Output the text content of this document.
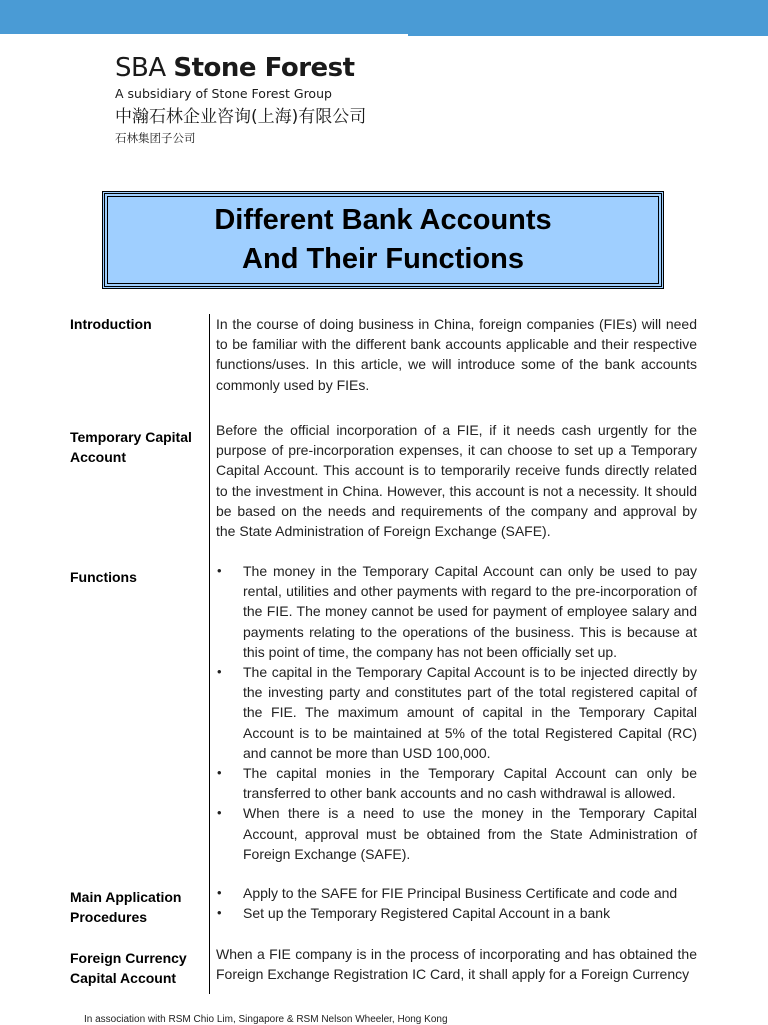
SBA Stone Forest
A subsidiary of Stone Forest Group
中瀚石林企业咨询(上海)有限公司
石林集团子公司
Different Bank Accounts
And Their Functions
Introduction	In the course of doing business in China, foreign companies (FIEs) will need to be familiar with the different bank accounts applicable and their respective functions/uses. In this article, we will introduce some of the bank accounts commonly used by FIEs.
Temporary Capital Account
Before the official incorporation of a FIE, if it needs cash urgently for the purpose of pre-incorporation expenses, it can choose to set up a Temporary Capital Account. This account is to temporarily receive funds directly related to the investment in China. However, this account is not a necessity. It should be based on the needs and requirements of the company and approval by the State Administration of Foreign Exchange (SAFE).
Functions
•	The money in the Temporary Capital Account can only be used to pay rental, utilities and other payments with regard to the pre-incorporation of the FIE. The money cannot be used for payment of employee salary and payments relating to the operations of the business. This is because at this point of time, the company has not been officially set up.
• The capital in the Temporary Capital Account is to be injected directly by the investing party and constitutes part of the total registered capital of the FIE. The maximum amount of capital in the Temporary Capital Account is to be maintained at 5% of the total Registered Capital (RC) and cannot be more than USD 100,000.
• The capital monies in the Temporary Capital Account can only be transferred to other bank accounts and no cash withdrawal is allowed.
• When there is a need to use the money in the Temporary Capital Account, approval must be obtained from the State Administration of Foreign Exchange (SAFE).
Main Application Procedures
• Apply to the SAFE for FIE Principal Business Certificate and code and
• Set up the Temporary Registered Capital Account in a bank
Foreign Currency Capital Account
When a FIE company is in the process of incorporating and has obtained the Foreign Exchange Registration IC Card, it shall apply for a Foreign Currency
In association with RSM Chio Lim, Singapore & RSM Nelson Wheeler, Hong Kong
